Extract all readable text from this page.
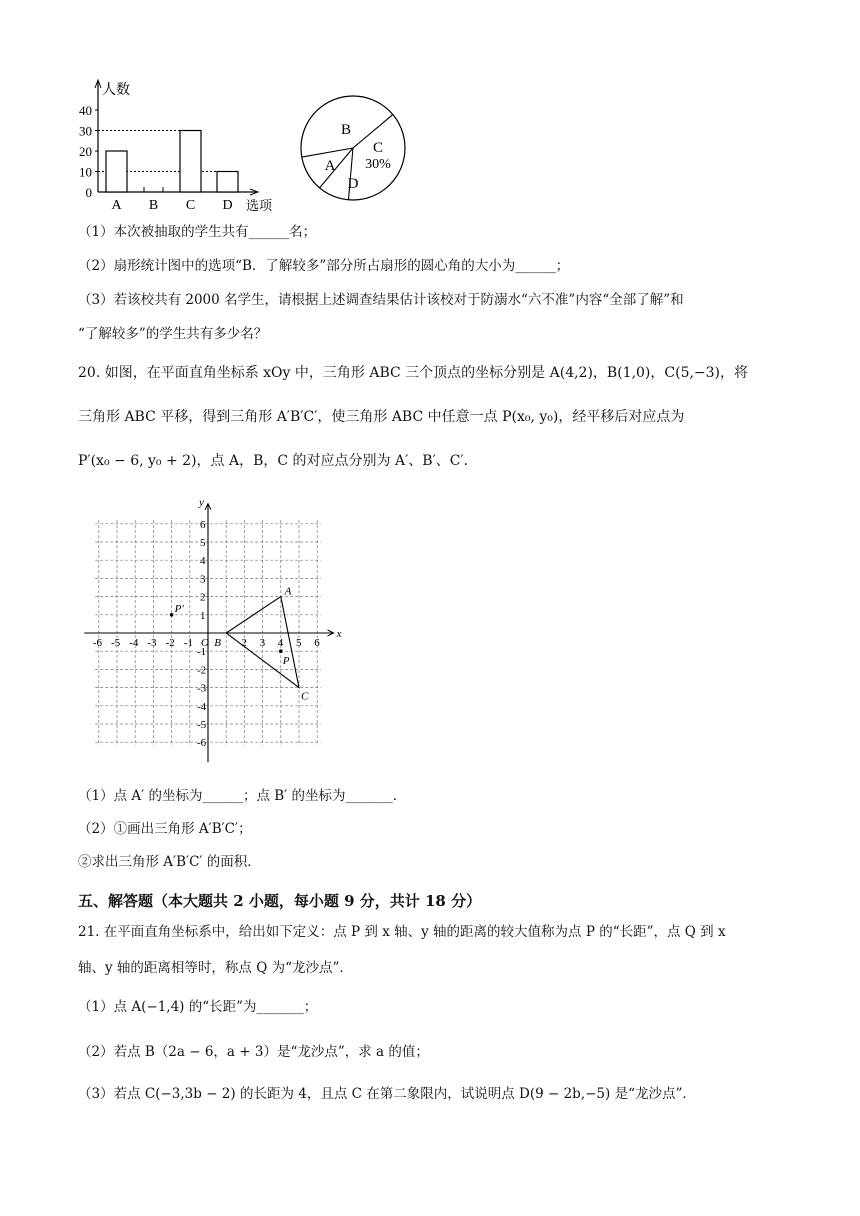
人数
选项
0
10
20
30
40
A B C D
A
B
C
D
30%
（1）本次被抽取的学生共有______名；
（2）扇形统计图中的选项“B．了解较多”部分所占扇形的圆心角的大小为______；
（3）若该校共有 2000 名学生，请根据上述调查结果估计该校对于防溺水“六不准”内容“全部了解”和
“了解较多”的学生共有多少名？
20. 如图，在平面直角坐标系 xOy 中，三角形 ABC 三个顶点的坐标分别是 A(4,2)，B(1,0)，C(5,−3)，将
三角形 ABC 平移，得到三角形 A′B′C′，使三角形 ABC 中任意一点 P(x₀, y₀)，经平移后对应点为
P′(x₀ − 6, y₀ + 2)，点 A，B，C 的对应点分别为 A′、B′、C′．
x
y
O
-6 -5 -4 -3 -2 -1	2 3 4 5 6
6
5
4
3
2
1
-1
-2
-3
-4
-5
-6
A
B
C
P
P′
（1）点 A′ 的坐标为______；点 B′ 的坐标为_______．
（2）①画出三角形 A′B′C′；
②求出三角形 A′B′C′ 的面积．
五、解答题（本大题共 2 小题，每小题 9 分，共计 18 分）
21. 在平面直角坐标系中，给出如下定义：点 P 到 x 轴、y 轴的距离的较大值称为点 P 的“长距”，点 Q 到 x
轴、y 轴的距离相等时，称点 Q 为“龙沙点”．
（1）点 A(−1,4) 的“长距”为_______；
（2）若点 B（2a − 6，a + 3）是“龙沙点”，求 a 的值；
（3）若点 C(−3,3b − 2) 的长距为 4，且点 C 在第二象限内，试说明点 D(9 − 2b,−5) 是“龙沙点”．
